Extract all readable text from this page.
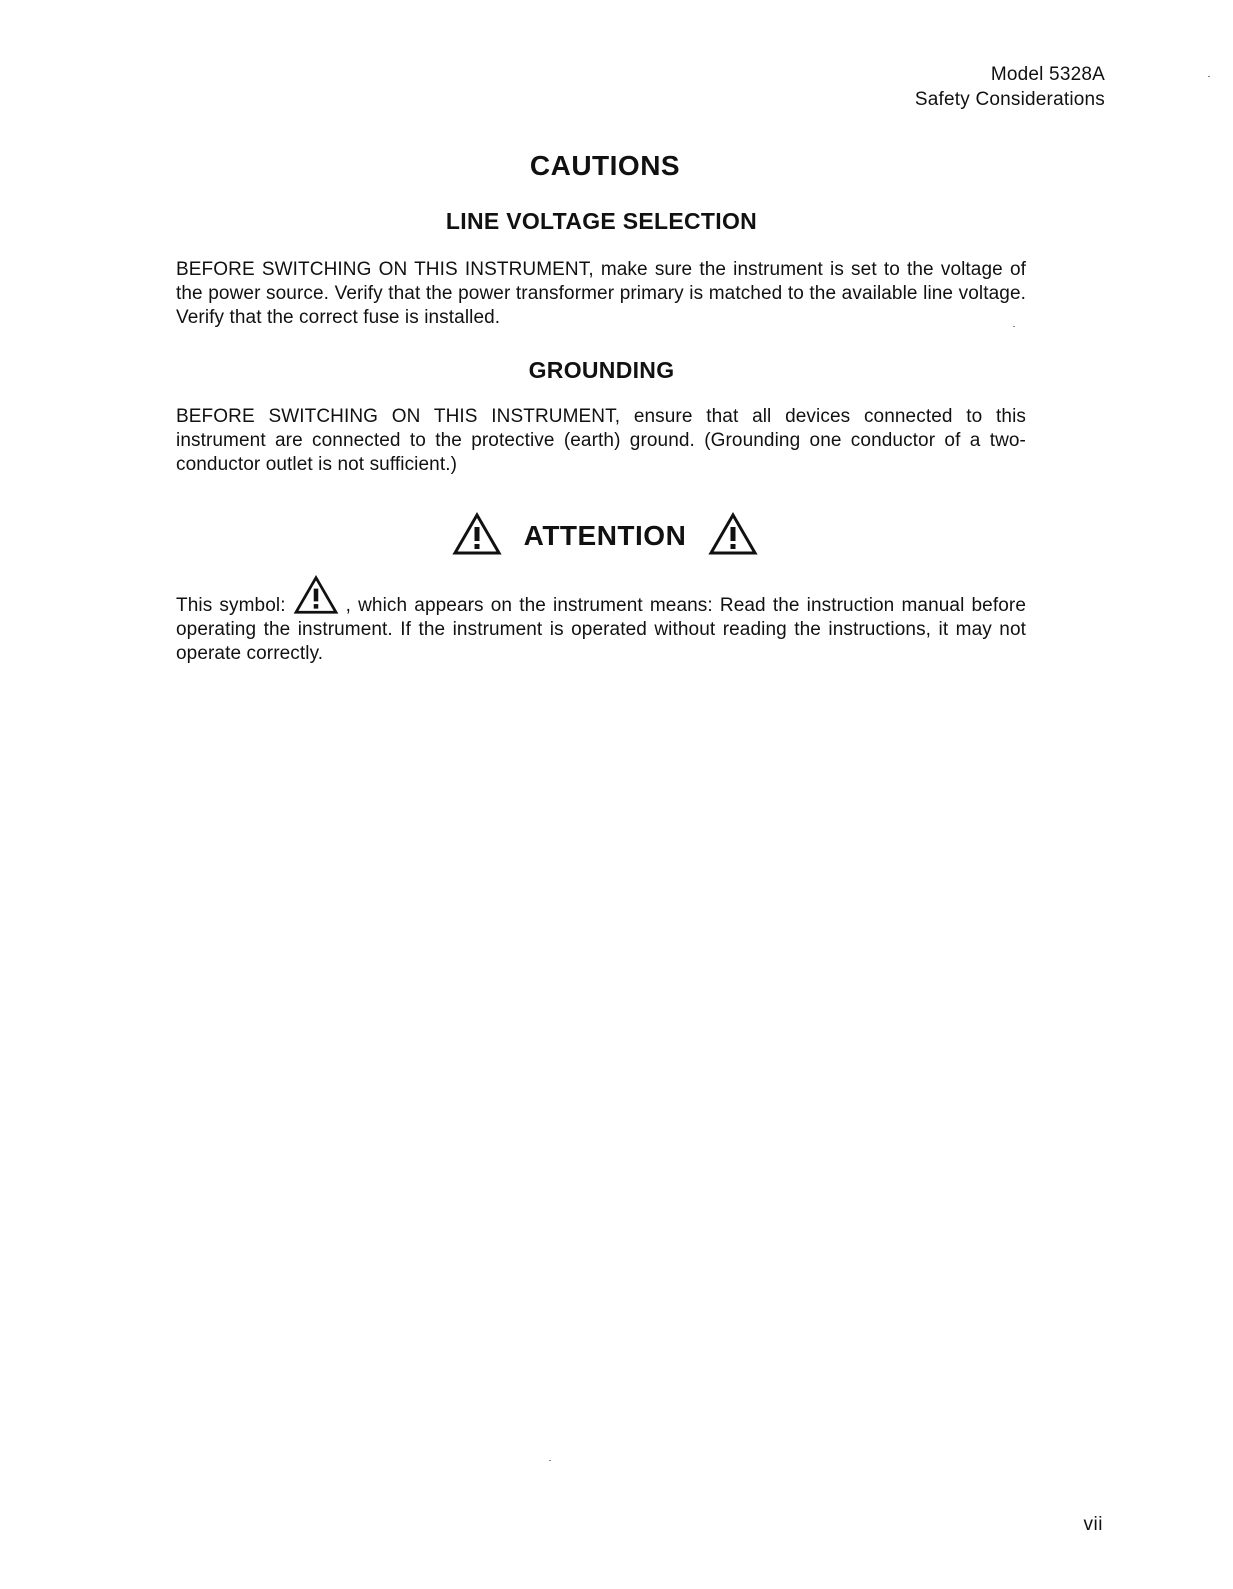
Model 5328A
Safety Considerations
CAUTIONS
LINE VOLTAGE SELECTION
BEFORE SWITCHING ON THIS INSTRUMENT, make sure the instrument is set to the voltage of the power source. Verify that the power transformer primary is matched to the available line voltage. Verify that the correct fuse is installed.
GROUNDING
BEFORE SWITCHING ON THIS INSTRUMENT, ensure that all devices connected to this instrument are connected to the protective (earth) ground. (Grounding one conductor of a two-conductor outlet is not sufficient.)
ATTENTION
This symbol:	, which appears on the instrument means: Read the instruction manual before operating the instrument. If the instrument is operated without reading the instructions, it may not operate correctly.
vii
